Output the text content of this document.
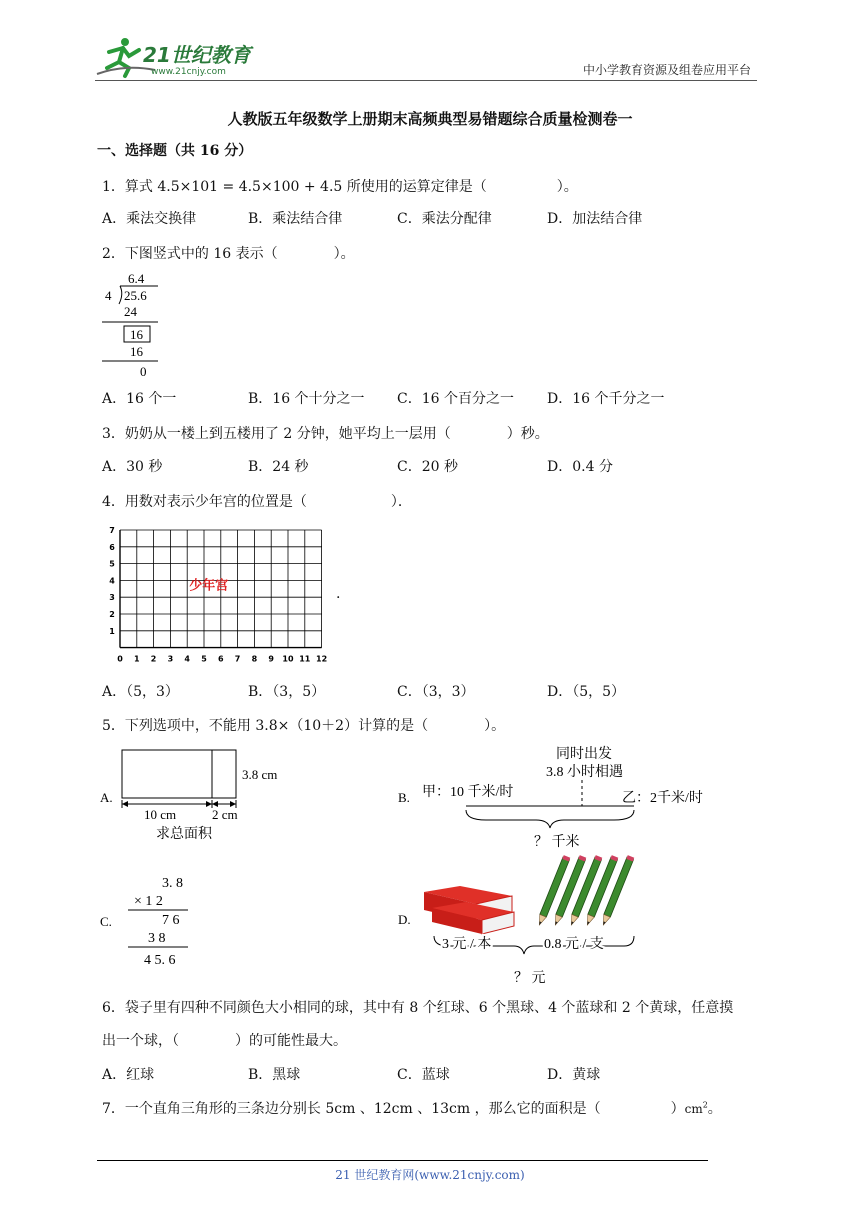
21世纪教育
www.21cnjy.com	中小学教育资源及组卷应用平台
人教版五年级数学上册期末高频典型易错题综合质量检测卷一
一、选择题（共 16 分）
1．算式 4.5×101 = 4.5×100 + 4.5 所使用的运算定律是（　　　　　）。
A．乘法交换律	B．乘法结合律	C．乘法分配律	D．加法结合律
2．下图竖式中的 16 表示（　　　　）。
6.4
4 25.6
24
16
16
0
A．16 个一	B．16 个十分之一 C．16 个百分之一 D．16 个千分之一
3．奶奶从一楼上到五楼用了 2 分钟，她平均上一层用（　　　　）秒。
A．30 秒	B．24 秒	C．20 秒	D．0.4 分
4．用数对表示少年宫的位置是（　　　　　　）．
0 1 2 3 4 5 6 7 8 9 10 11 12
1
2
3
4
5
6
7
少年宫
.
A．（5，3）	B．（3，5）	C．（3，3）	D．（5，5）
5．下列选项中，不能用 3.8×（10＋2）计算的是（　　　　）。
A.
3.8 cm
10 cm	2 cm
求总面积
B.
同时出发
3.8 小时相遇
甲：10 千米/时	乙：2千米/时
？ 千米
C.
3. 8
× 1 2
7 6
3 8
4 5. 6
D.
3 元 / 本	0.8 元 / 支
？ 元
6．袋子里有四种不同颜色大小相同的球，其中有 8 个红球、6 个黑球、4 个蓝球和 2 个黄球，任意摸
出一个球，（　　　　）的可能性最大。
A．红球	B．黑球	C．蓝球	D．黄球
7．一个直角三角形的三条边分别长 5cm 、12cm 、13cm ，那么它的面积是（　　　　　）$cm^2$。
21 世纪教育网(www.21cnjy.com)
